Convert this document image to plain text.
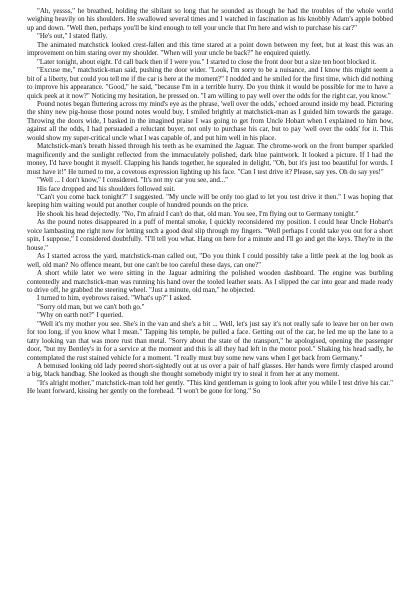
"Ah, yessss," he breathed, holding the sibilant so long that he sounded as though he had the troubles of the whole world weighing heavily on his shoulders. He swallowed several times and I watched in fascination as his knobbly Adam's apple bobbed up and down. "Well then, perhaps you'll be kind enough to tell your uncle that I'm here and wish to purchase his car?"

"He's out," I stated flatly.

The animated matchstick looked crest-fallen and this time stared at a point down between my feet, but at least this was an improvement on him staring over my shoulder. "When will your uncle be back?" he enquired quietly.

"Later tonight, about eight. I'd call back then if I were you." I started to close the front door but a size ten boot blocked it.

"Excuse me," matchstick-man said, pushing the door wider. "Look, I'm sorry to be a nuisance, and I know this might seem a bit of a liberty, but could you tell me if the car is here at the moment?" I nodded and he smiled for the first time, which did nothing to improve his appearance. "Good," he said, "because I'm in a terrible hurry. Do you think it would be possible for me to have a quick peek at it now?" Noticing my hesitation, he pressed on. "I am willing to pay well over the odds for the right car, you know."

Pound notes began fluttering across my mind's eye as the phrase, 'well over the odds,' echoed around inside my head. Picturing the shiny new pig-house those pound notes would buy, I smiled brightly at matchstick-man as I guided him towards the garage. Throwing the doors wide, I basked in the imagined praise I was going to get from Uncle Hobart when I explained to him how, against all the odds, I had persuaded a reluctant buyer, not only to purchase his car, but to pay 'well over the odds' for it. This would show my super-critical uncle what I was capable of, and put him well in his place.

Matchstick-man's breath hissed through his teeth as he examined the Jaguar. The chrome-work on the front bumper sparkled magnificently and the sunlight reflected from the immaculately polished, dark blue paintwork. It looked a picture. If I had the money, I'd have bought it myself. Clapping his hands together, he squealed in delight, "Oh, but it's just too beautiful for words. I must have it!" He turned to me, a covetous expression lighting up his face. "Can I test drive it? Please, say yes. Oh do say yes!"

"Well ... I don't know," I considered. "It's not my car you see, and..."

His face dropped and his shoulders followed suit.

"Can't you come back tonight?" I suggested. "My uncle will be only too glad to let you test drive it then." I was hoping that keeping him waiting would put another couple of hundred pounds on the price.

He shook his head dejectedly. "No, I'm afraid I can't do that, old man. You see, I'm flying out to Germany tonight."

As the pound notes disappeared in a puff of mental smoke, I quickly reconsidered my position. I could hear Uncle Hobart's voice lambasting me right now for letting such a good deal slip through my fingers. "Well perhaps I could take you out for a short spin, I suppose," I considered doubtfully. "I'll tell you what. Hang on here for a minute and I'll go and get the keys. They're in the house."

As I started across the yard, matchstick-man called out, "Do you think I could possibly take a little peek at the log book as well, old man? No offence meant, but one can't be too careful these days, can one?"

A short while later we were sitting in the Jaguar admiring the polished wooden dashboard. The engine was burbling contentedly and matchstick-man was running his hand over the tooled leather seats. As I slipped the car into gear and made ready to drive off, he grabbed the steering wheel. "Just a minute, old man," he objected.

I turned to him, eyebrows raised. "What's up?" I asked.

"Sorry old man, but we can't both go."

"Why on earth not?" I queried.

"Well it's my mother you see. She's in the van and she's a bit ... Well, let's just say it's not really safe to leave her on her own for too long, if you know what I mean." Tapping his temple, he pulled a face. Getting out of the car, he led me up the lane to a tatty looking van that was more rust than metal. "Sorry about the state of the transport," he apologised, opening the passenger door, "but my Bentley's in for a service at the moment and this is all they had left in the motor pool." Shaking his head sadly, he contemplated the rust stained vehicle for a moment. "I really must buy some new vans when I get back from Germany."

A bemused looking old lady peered short-sightedly out at us over a pair of half glasses. Her hands were firmly clasped around a big, black handbag. She looked as though she thought somebody might try to steal it from her at any moment.

"It's alright mother," matchstick-man told her gently. "This kind gentleman is going to look after you while I test drive his car." He leant forward, kissing her gently on the forehead. "I won't be gone for long." So
